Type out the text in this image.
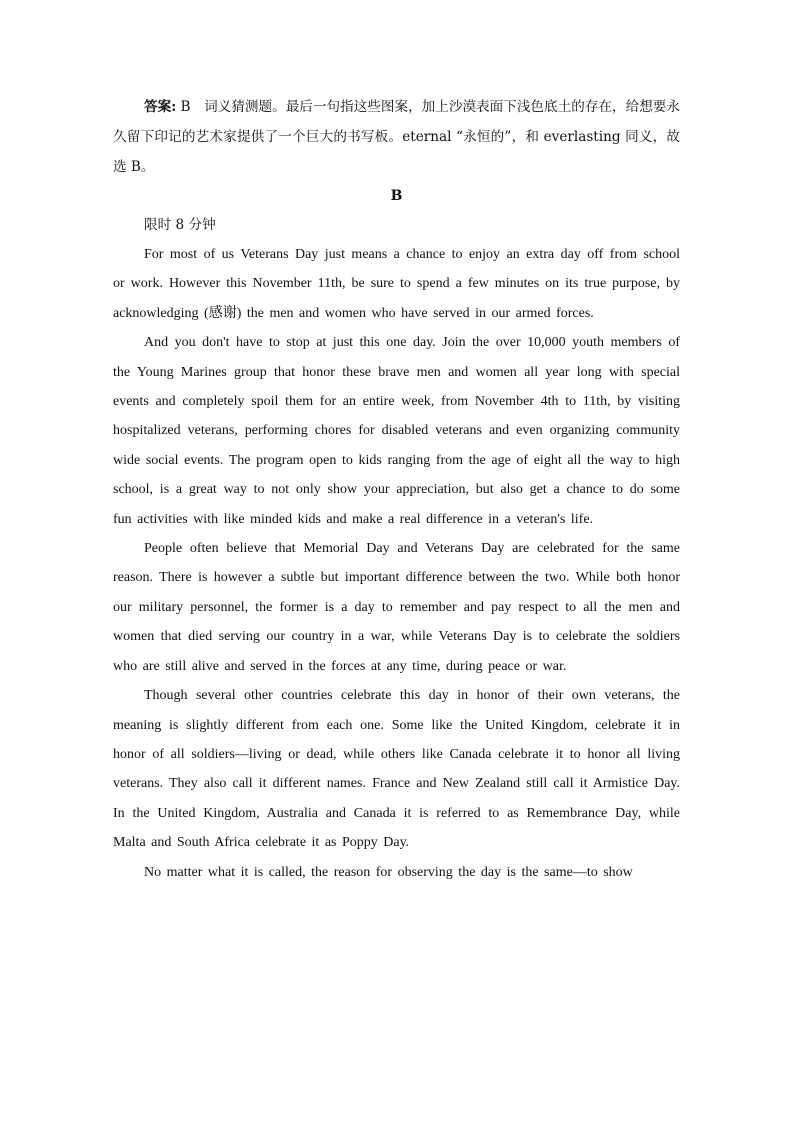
答案: B　词义猜测题。最后一句指这些图案，加上沙漠表面下浅色底土的存在，给想要永久留下印记的艺术家提供了一个巨大的书写板。eternal “永恒的”，和 everlasting 同义，故选 B。

B

限时 8 分钟

For most of us Veterans Day just means a chance to enjoy an extra day off from school or work. However this November 11th, be sure to spend a few minutes on its true purpose, by acknowledging (感谢) the men and women who have served in our armed forces.

And you don't have to stop at just this one day. Join the over 10,000 youth members of the Young Marines group that honor these brave men and women all year long with special events and completely spoil them for an entire week, from November 4th to 11th, by visiting hospitalized veterans, performing chores for disabled veterans and even organizing community wide social events. The program open to kids ranging from the age of eight all the way to high school, is a great way to not only show your appreciation, but also get a chance to do some fun activities with like minded kids and make a real difference in a veteran's life.

People often believe that Memorial Day and Veterans Day are celebrated for the same reason. There is however a subtle but important difference between the two. While both honor our military personnel, the former is a day to remember and pay respect to all the men and women that died serving our country in a war, while Veterans Day is to celebrate the soldiers who are still alive and served in the forces at any time, during peace or war.

Though several other countries celebrate this day in honor of their own veterans, the meaning is slightly different from each one. Some like the United Kingdom, celebrate it in honor of all soldiers—living or dead, while others like Canada celebrate it to honor all living veterans. They also call it different names. France and New Zealand still call it Armistice Day. In the United Kingdom, Australia and Canada it is referred to as Remembrance Day, while Malta and South Africa celebrate it as Poppy Day.

No matter what it is called, the reason for observing the day is the same—to show
